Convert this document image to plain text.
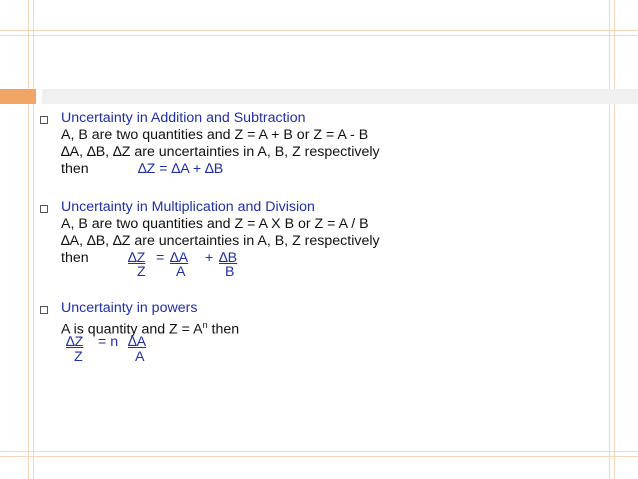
Uncertainty in Addition and Subtraction
A, B are two quantities and Z = A + B or Z = A - B
∆A, ∆B, ∆Z are uncertainties in A, B, Z respectively
then	∆Z = ∆A + ∆B
Uncertainty in Multiplication and Division
A, B are two quantities and Z = A X B or Z = A / B
∆A, ∆B, ∆Z are uncertainties in A, B, Z respectively
then	∆Z = ∆A + ∆B
Z A	B
Uncertainty in powers
A is quantity and $Z = A^n$ then
∆Z = n ∆A
Z	A
